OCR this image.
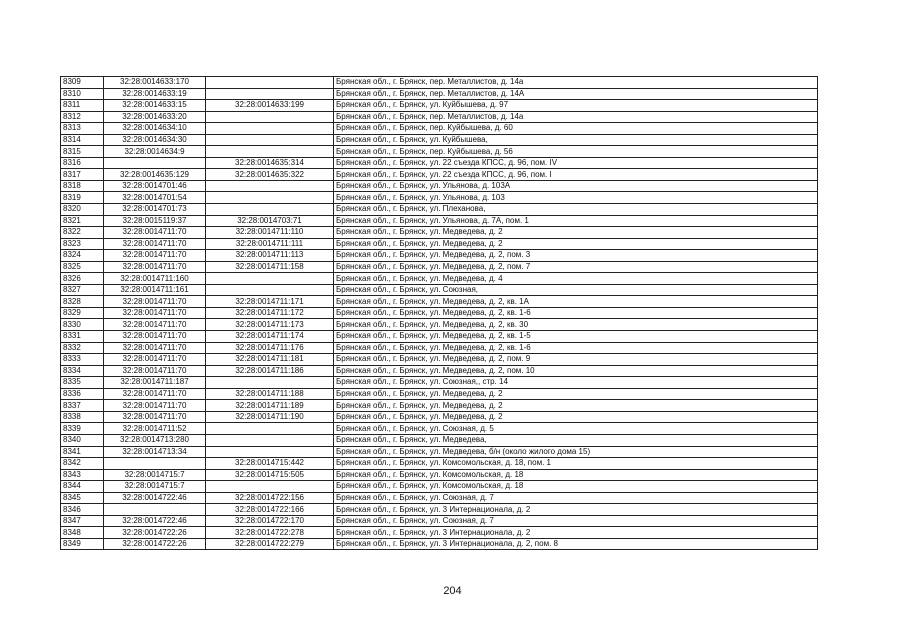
8309	32:28:0014633:170		Брянская обл., г. Брянск, пер. Металлистов, д. 14а
8310	32:28:0014633:19		Брянская обл., г. Брянск, пер. Металлистов, д. 14А
8311	32:28:0014633:15	32:28:0014633:199	Брянская обл., г. Брянск, ул. Куйбышева, д. 97
8312	32:28:0014633:20		Брянская обл., г. Брянск, пер. Металлистов, д. 14а
8313	32:28:0014634:10		Брянская обл., г. Брянск, пер. Куйбышева, д. 60
8314	32:28:0014634:30		Брянская обл., г. Брянск, ул. Куйбышева,
8315	32:28:0014634:9		Брянская обл., г. Брянск, пер. Куйбышева, д. 56
8316		32:28:0014635:314	Брянская обл., г. Брянск, ул. 22 съезда КПСС, д. 96, пом. IV
8317	32:28:0014635:129	32:28:0014635:322	Брянская обл., г. Брянск, ул. 22 съезда КПСС, д. 96, пом. I
8318	32:28:0014701:46		Брянская обл., г. Брянск, ул. Ульянова, д. 103А
8319	32:28:0014701:54		Брянская обл., г. Брянск, ул. Ульянова, д. 103
8320	32:28:0014701:73		Брянская обл., г. Брянск, ул. Плеханова,
8321	32:28:0015119:37	32:28:0014703:71	Брянская обл., г. Брянск, ул. Ульянова, д. 7А, пом. 1
8322	32:28:0014711:70	32:28:0014711:110	Брянская обл., г. Брянск, ул. Медведева, д. 2
8323	32:28:0014711:70	32:28:0014711:111	Брянская обл., г. Брянск, ул. Медведева, д. 2
8324	32:28:0014711:70	32:28:0014711:113	Брянская обл., г. Брянск, ул. Медведева, д. 2, пом. 3
8325	32:28:0014711:70	32:28:0014711:158	Брянская обл., г. Брянск, ул. Медведева, д. 2, пом. 7
8326	32:28:0014711:160		Брянская обл., г. Брянск, ул. Медведева, д. 4
8327	32:28:0014711:161		Брянская обл., г. Брянск, ул. Союзная,
8328	32:28:0014711:70	32:28:0014711:171	Брянская обл., г. Брянск, ул. Медведева, д. 2, кв. 1А
8329	32:28:0014711:70	32:28:0014711:172	Брянская обл., г. Брянск, ул. Медведева, д. 2, кв. 1-6
8330	32:28:0014711:70	32:28:0014711:173	Брянская обл., г. Брянск, ул. Медведева, д. 2, кв. 30
8331	32:28:0014711:70	32:28:0014711:174	Брянская обл., г. Брянск, ул. Медведева, д. 2, кв. 1-5
8332	32:28:0014711:70	32:28:0014711:176	Брянская обл., г. Брянск, ул. Медведева, д. 2, кв. 1-6
8333	32:28:0014711:70	32:28:0014711:181	Брянская обл., г. Брянск, ул. Медведева, д. 2, пом. 9
8334	32:28:0014711:70	32:28:0014711:186	Брянская обл., г. Брянск, ул. Медведева, д. 2, пом. 10
8335	32:28:0014711:187		Брянская обл., г. Брянск, ул. Союзная,, стр. 14
8336	32:28:0014711:70	32:28:0014711:188	Брянская обл., г. Брянск, ул. Медведева, д. 2
8337	32:28:0014711:70	32:28:0014711:189	Брянская обл., г. Брянск, ул. Медведева, д. 2
8338	32:28:0014711:70	32:28:0014711:190	Брянская обл., г. Брянск, ул. Медведева, д. 2
8339	32:28:0014711:52		Брянская обл., г. Брянск, ул. Союзная, д. 5
8340	32:28:0014713:280		Брянская обл., г. Брянск, ул. Медведева,
8341	32:28:0014713:34		Брянская обл., г. Брянск, ул. Медведева, б/н (около жилого дома 15)
8342		32:28:0014715:442	Брянская обл., г. Брянск, ул. Комсомольская, д. 18, пом. 1
8343	32:28:0014715:7	32:28:0014715:505	Брянская обл., г. Брянск, ул. Комсомольская, д. 18
8344	32:28:0014715:7		Брянская обл., г. Брянск, ул. Комсомольская, д. 18
8345	32:28:0014722:46	32:28:0014722:156	Брянская обл., г. Брянск, ул. Союзная, д. 7
8346		32:28:0014722:166	Брянская обл., г. Брянск, ул. 3 Интернационала, д. 2
8347	32:28:0014722:46	32:28:0014722:170	Брянская обл., г. Брянск, ул. Союзная, д. 7
8348	32:28:0014722:26	32:28:0014722:278	Брянская обл., г. Брянск, ул. 3 Интернационала, д. 2
8349	32:28:0014722:26	32:28:0014722:279	Брянская обл., г. Брянск, ул. 3 Интернационала, д. 2, пом. 8
204
